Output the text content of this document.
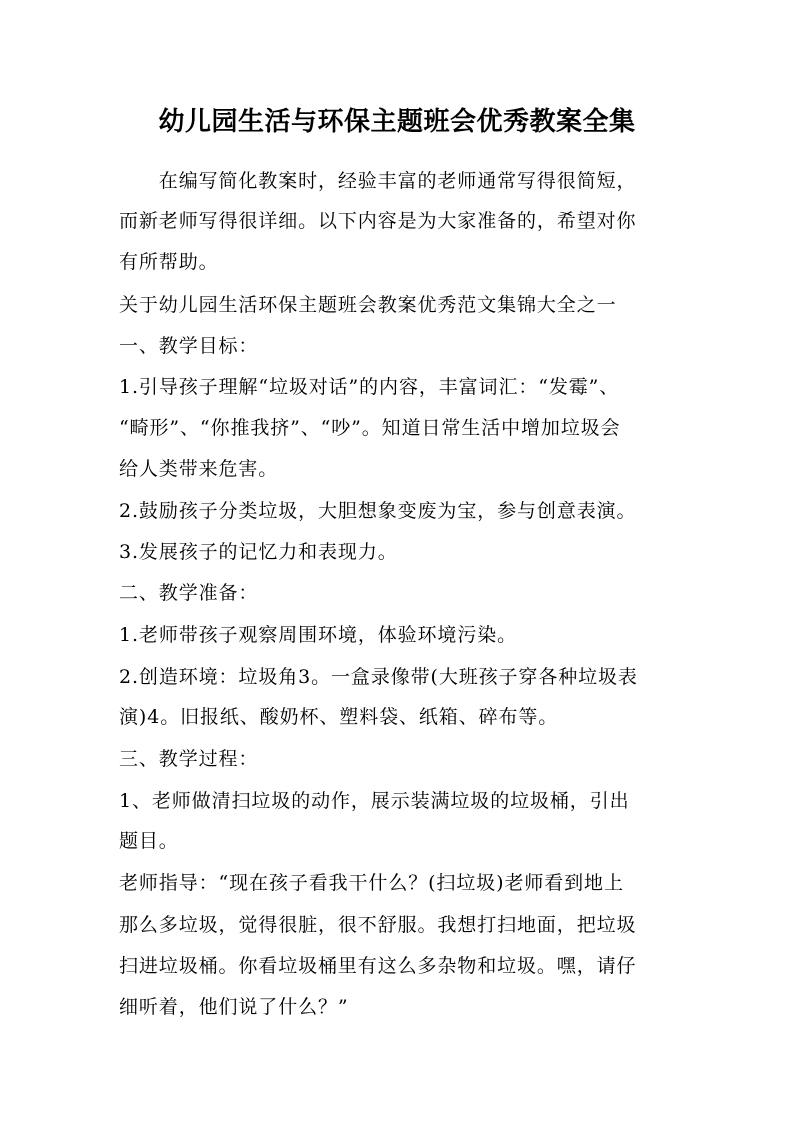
幼儿园生活与环保主题班会优秀教案全集
　　在编写简化教案时，经验丰富的老师通常写得很简短，
而新老师写得很详细。以下内容是为大家准备的，希望对你
有所帮助。
关于幼儿园生活环保主题班会教案优秀范文集锦大全之一
一、教学目标：
1.引导孩子理解“垃圾对话”的内容，丰富词汇：“发霉”、
“畸形”、“你推我挤”、“吵”。知道日常生活中增加垃圾会
给人类带来危害。
2.鼓励孩子分类垃圾，大胆想象变废为宝，参与创意表演。
3.发展孩子的记忆力和表现力。
二、教学准备：
1.老师带孩子观察周围环境，体验环境污染。
2.创造环境：垃圾角3。一盒录像带(大班孩子穿各种垃圾表
演)4。旧报纸、酸奶杯、塑料袋、纸箱、碎布等。
三、教学过程：
1、老师做清扫垃圾的动作，展示装满垃圾的垃圾桶，引出
题目。
老师指导：“现在孩子看我干什么？(扫垃圾)老师看到地上
那么多垃圾，觉得很脏，很不舒服。我想打扫地面，把垃圾
扫进垃圾桶。你看垃圾桶里有这么多杂物和垃圾。嘿，请仔
细听着，他们说了什么？”
